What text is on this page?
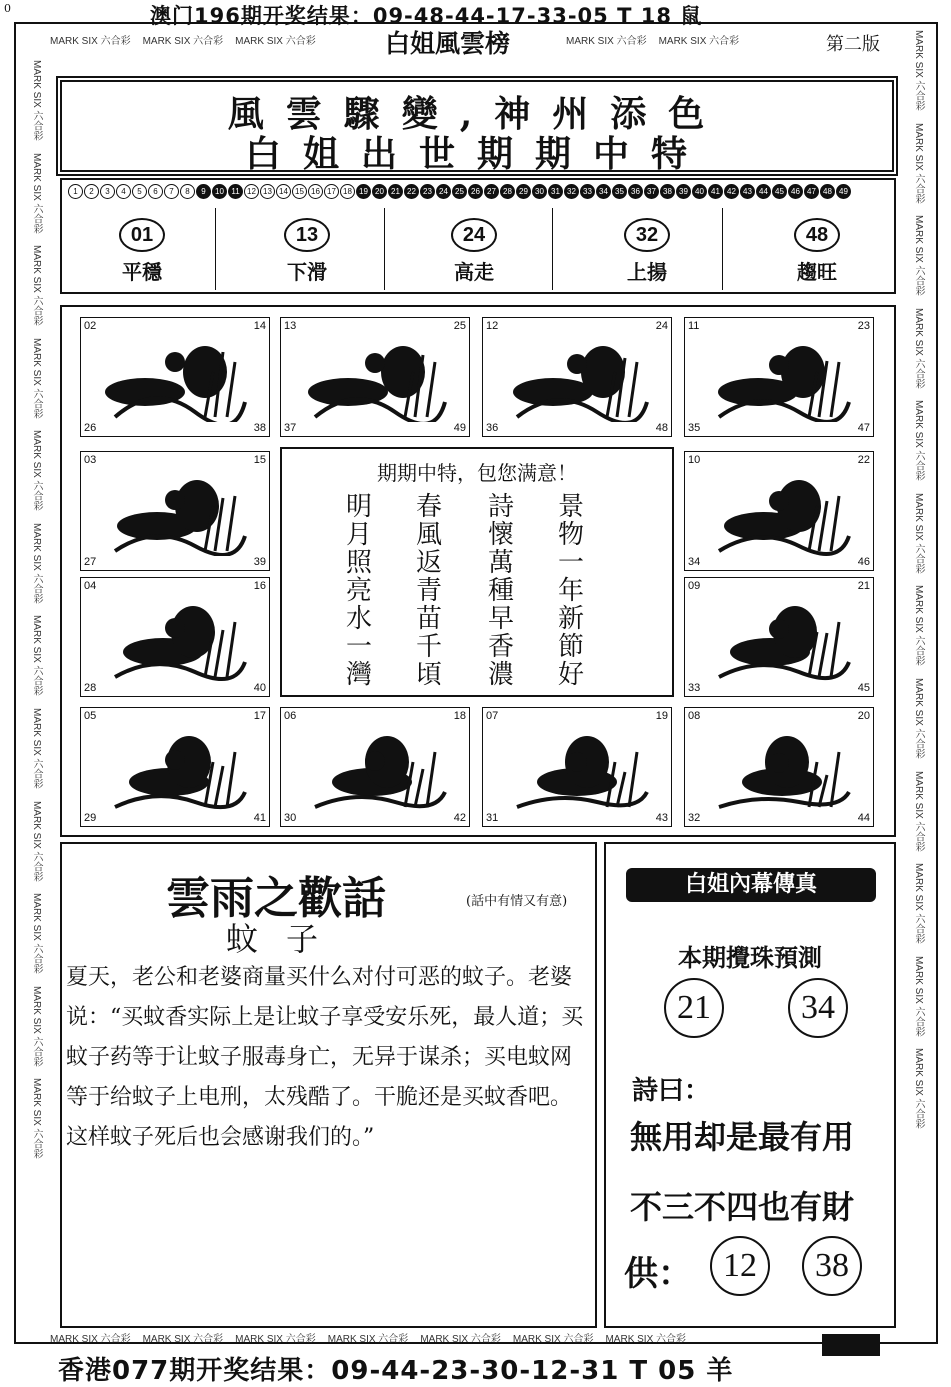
0	澳门196期开奖结果：09-48-44-17-33-05 T 18 鼠
MARK SIX 六合彩 MARK SIX 六合彩 MARK SIX 六合彩	MARK SIX 六合彩 MARK SIX 六合彩
MARK SIX 六合彩 MARK SIX 六合彩 MARK SIX 六合彩 MARK SIX 六合彩 MARK SIX 六合彩 MARK SIX 六合彩 MARK SIX 六合彩
MARK SIX 六合彩MARK SIX 六合彩MARK SIX 六合彩MARK SIX 六合彩MARK SIX 六合彩MARK SIX 六合彩MARK SIX 六合彩MARK SIX 六合彩MARK SIX 六合彩MARK SIX 六合彩MARK SIX 六合彩MARK SIX 六合彩
MARK SIX 六合彩MARK SIX 六合彩MARK SIX 六合彩MARK SIX 六合彩MARK SIX 六合彩MARK SIX 六合彩MARK SIX 六合彩MARK SIX 六合彩MARK SIX 六合彩MARK SIX 六合彩MARK SIX 六合彩MARK SIX 六合彩
白姐風雲榜	第二版
風雲驟變,神州添色
白姐出世期期中特
1 2 3 4 5 6 7 8 9 10 11 12 13 14 15 16 17 18 19 20 21 22 23 24 25 26 27 28 29 30 31 32 33 34 35 36 37 38 39 40 41 42 43 44 45 46 47 48 49
01
平穩
13
下滑
24
高走
32
上揚
48
趨旺
02	14
26	38
13	25
37	49
12	24
36	48
11	23
35	47
03	15
27	39
10	22
34	46
04	16
28	40
09	21
33	45
05	17
29	41
06	18
30	42
07	19
31	43
08	20
32	44
期期中特，包您满意！
明月照亮水一灣
春風返青苗千頃
詩懷萬種早香濃
景物一年新節好
雲雨之歡話	(話中有情又有意)
蚊子
夏天，老公和老婆商量买什么对付可恶的蚊子。老婆说：“买蚊香实际上是让蚊子享受安乐死，最人道；买蚊子药等于让蚊子服毒身亡，无异于谋杀；买电蚊网等于给蚊子上电刑，太残酷了。干脆还是买蚊香吧。这样蚊子死后也会感谢我们的。”
白姐內幕傳真
本期攪珠預測
21	34
詩曰：
無用却是最有用
不三不四也有財
供： 12	38
香港077期开奖结果：09-44-23-30-12-31 T 05 羊
